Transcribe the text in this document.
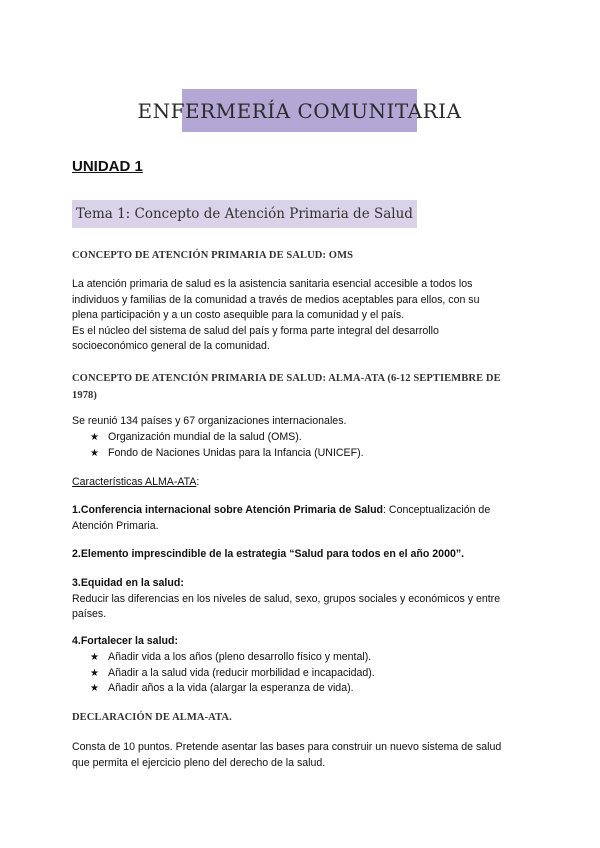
ENFERMERÍA COMUNITARIA
UNIDAD 1
Tema 1: Concepto de Atención Primaria de Salud
CONCEPTO DE ATENCIÓN PRIMARIA DE SALUD: OMS
La atención primaria de salud es la asistencia sanitaria esencial accesible a todos los
individuos y familias de la comunidad a través de medios aceptables para ellos, con su
plena participación y a un costo asequible para la comunidad y el país.
Es el núcleo del sistema de salud del país y forma parte integral del desarrollo
socioeconómico general de la comunidad.
CONCEPTO DE ATENCIÓN PRIMARIA DE SALUD: ALMA-ATA (6-12 SEPTIEMBRE DE
1978)
Se reunió 134 países y 67 organizaciones internacionales.
★ Organización mundial de la salud (OMS).
★ Fondo de Naciones Unidas para la Infancia (UNICEF).
Características ALMA-ATA:
1.Conferencia internacional sobre Atención Primaria de Salud: Conceptualización de
Atención Primaria.
2.Elemento imprescindible de la estrategia “Salud para todos en el año 2000”.
3.Equidad en la salud:
Reducir las diferencias en los niveles de salud, sexo, grupos sociales y económicos y entre
países.
4.Fortalecer la salud:
★ Añadir vida a los años (pleno desarrollo físico y mental).
★ Añadir a la salud vida (reducir morbilidad e incapacidad).
★ Añadir años a la vida (alargar la esperanza de vida).
DECLARACIÓN DE ALMA-ATA.
Consta de 10 puntos. Pretende asentar las bases para construir un nuevo sistema de salud
que permita el ejercicio pleno del derecho de la salud.
